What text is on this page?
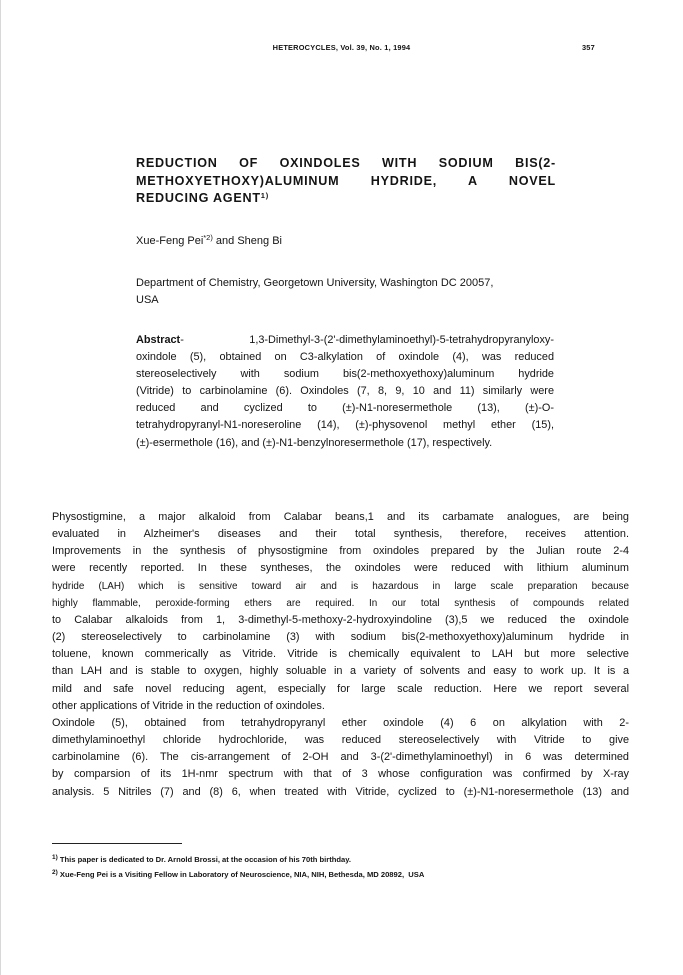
HETEROCYCLES, Vol. 39, No. 1, 1994	357
REDUCTION OF OXINDOLES WITH SODIUM BIS(2-
METHOXYETHOXY)ALUMINUM HYDRIDE, A NOVEL
REDUCING AGENT$^{1)}$
Xue-Feng Pei$^{*2)}$ and Sheng Bi
Department of Chemistry, Georgetown University, Washington DC 20057,
USA
Abstract- 1,3-Dimethyl-3-(2'-dimethylaminoethyl)-5-tetrahydropyranyloxy-
oxindole (5), obtained on C3-alkylation of oxindole (4), was reduced
stereoselectively with sodium bis(2-methoxyethoxy)aluminum hydride
(Vitride) to carbinolamine (6). Oxindoles (7, 8, 9, 10 and 11) similarly were
reduced and cyclized to (±)-N1-noresermethole (13), (±)-O-
tetrahydropyranyl-N1-noreseroline (14), (±)-physovenol methyl ether (15),
(±)-esermethole (16), and (±)-N1-benzylnoresermethole (17), respectively.
Physostigmine, a major alkaloid from Calabar beans,1 and its carbamate analogues, are being
evaluated in Alzheimer's diseases and their total synthesis, therefore, receives attention.
Improvements in the synthesis of physostigmine from oxindoles prepared by the Julian route 2-4
were recently reported. In these syntheses, the oxindoles were reduced with lithium aluminum
hydride (LAH) which is sensitive toward air and is hazardous in large scale preparation because
highly flammable, peroxide-forming ethers are required. In our total synthesis of compounds related
to Calabar alkaloids from 1, 3-dimethyl-5-methoxy-2-hydroxyindoline (3),5 we reduced the oxindole
(2) stereoselectively to carbinolamine (3) with sodium bis(2-methoxyethoxy)aluminum hydride in
toluene, known commerically as Vitride. Vitride is chemically equivalent to LAH but more selective
than LAH and is stable to oxygen, highly soluable in a variety of solvents and easy to work up. It is a
mild and safe novel reducing agent, especially for large scale reduction. Here we report several
other applications of Vitride in the reduction of oxindoles.
Oxindole (5), obtained from tetrahydropyranyl ether oxindole (4) 6 on alkylation with 2-
dimethylaminoethyl chloride hydrochloride, was reduced stereoselectively with Vitride to give
carbinolamine (6). The cis-arrangement of 2-OH and 3-(2'-dimethylaminoethyl) in 6 was determined
by comparsion of its 1H-nmr spectrum with that of 3 whose configuration was confirmed by X-ray
analysis. 5 Nitriles (7) and (8) 6, when treated with Vitride, cyclized to (±)-N1-noresermethole (13) and
$^{1)}$ This paper is dedicated to Dr. Arnold Brossi, at the occasion of his 70th birthday.
$^{2)}$ Xue-Feng Pei is a Visiting Fellow in Laboratory of Neuroscience, NIA, NIH, Bethesda, MD 20892,  USA
